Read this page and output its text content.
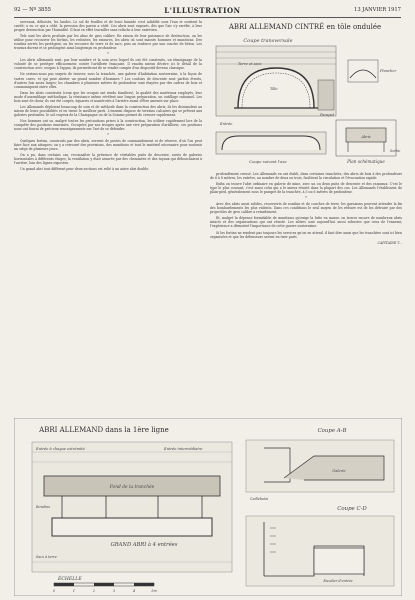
92 — Nº 3855	L'ILLUSTRATION	13 JANVIER 1917

serveaux, déboisés, les landes. Le sol de feuilles et de boue humide s'est solidifié sous l'eau et soutient la cavité; a eu ce qui a cédé, la pression des parois a cédé. Ces abris sont exposés, dès que l'air s'y raréfie, à leur propre destruction par l'humidité. Il faut en effet travailler sans relâche à leur entretien.

Tels sont les abris produits par les abus de gros calibre. En raison de leur puissance de destruction, on les utilise pour recouvrir les fortins, les redoutes, les rainures, les abris où sont massés hommes et munitions. Des rondins serrés les protègent; on les recouvre de terre et de sacs, puis on renforce par une couche de béton. Les travaux durent et se prolongent ainsi longtemps en profondeur.

*

Les abris allemands sont, par leur nombre et la soin avec lequel ils ont été construits, un témoignage de la volonté de se protéger efficacement contre l'artillerie française. Il vaudra mieux décrire ici le détail de la construction avec croquis à l'appui, ils permettront de se rendre compte d'un dispositif devenu classique.

Ne serions-nous pas surpris de trouver, sous la tranchée, une galerie d'habitation souterraine, à la façon de vastes caves, et qui peut abriter un grand nombre d'hommes ? Les couloirs de descente sont parfois étroits, d'autres fois assez larges; les chambres à plusieurs mètres de profondeur sont étayées par des cadres de bois et communiquent entre elles.

Dans les abris construits (ceux que les croquis ont rendu familiers), la qualité des matériaux employés, leur mode d'assemblage méthodique, la résistance même révèlent une longue préparation, un outillage rationnel. Les bois sont de choix; ils ont été coupés, équarris et numérotés à l'arrière avant d'être amenés sur place.

Les Allemands déploient beaucoup de soin et de méthode dans la construction des abris; ils les dissimulent au mieux de leurs possibilités et en tirent le meilleur parti. L'ennemi dispose de terrains calcaires qui se prêtent aux galeries profondes, le sol crayeux de la Champagne ou de la Somme permet de creuser rapidement.

Nos hommes ont su, malgré toutes les précautions prises à la construction, les utiliser rapidement lors de la conquête des positions ennemies. Occupées par nos troupes après une vive préparation d'artillerie, ces positions nous ont fourni de précieux renseignements sur l'art de se défendre.

*

Quelques fortins, construits par des abris, servent de postes de commandement et de réserve, d'où l'on peut faire face aux attaques; on y a retrouvé des provisions, des munitions et tout le matériel nécessaire pour soutenir un siège de plusieurs jours.

On a pu, dans certains cas, reconnaître la présence de véritables puits de descente, suivis de galeries horizontales à différents étages; la ventilation y était assurée par des cheminées et des tuyaux qui débouchaient à l'arrière, loin des lignes exposées.

Un grand abri tout différent pour deux sections est relié à un autre abri double.

ABRI ALLEMAND CINTRÉ en tôle ondulée
Coupe transversale
Terre et sacs
Tôle
Entrée
Parapet
Plancher
Coupe suivant l'axe	Plan schématique
Abris
Sortie

profondément creusé. Les Allemands en ont établi, dans certaines tranchées, des abris de bois à des profondeurs de 6 à 8 mètres; les entrées, au nombre de deux ou trois, facilitent la circulation et l'évacuation rapide.

Enfin on trouve l'abri ordinaire en galerie de mine, avec un ou deux puits de descente et des rameaux. C'est le type le plus courant; c'est aussi celui qui a le mieux résisté dans la plupart des cas. Les Allemands l'établissent de plain-pied, généralement sous le parapet de la tranchée, à 5 ou 6 mètres de profondeur.

*

Avec des abris aussi solides, recouverts de rondins et de couches de terre, les garnisons peuvent attendre la fin des bombardements les plus violents. Dans ces conditions le seul moyen de les réduire est de les détruire par des projectiles de gros calibre à retardement.

Et, malgré la dépense formidable de munitions qu'exige la lutte en masse, on trouve encore de nombreux abris intacts et des organisations qui ont résisté. Les nôtres sont aujourd'hui aussi robustes que ceux de l'ennemi; l'expérience a démontré l'importance de cette guerre souterraine.

Si les fortins ne rendent pas toujours les services qu'on en attend, il faut dire aussi que les tranchées sont ici bien organisées et que les défenseurs savent en tirer parti.

CAPITAINE T...

ABRI ALLEMAND dans la 1ère ligne
Fond de la tranchée
GRAND ABRI à 4 entrées
Entrée à chaque extrémité	Entrée intermédiaire
Rondins
Sacs à terre
ÉCHELLE
0	1	2	3	4	5m
Coupe A-B
Galerie
Caillebotis
Coupe C-D
Escalier d'entrée
